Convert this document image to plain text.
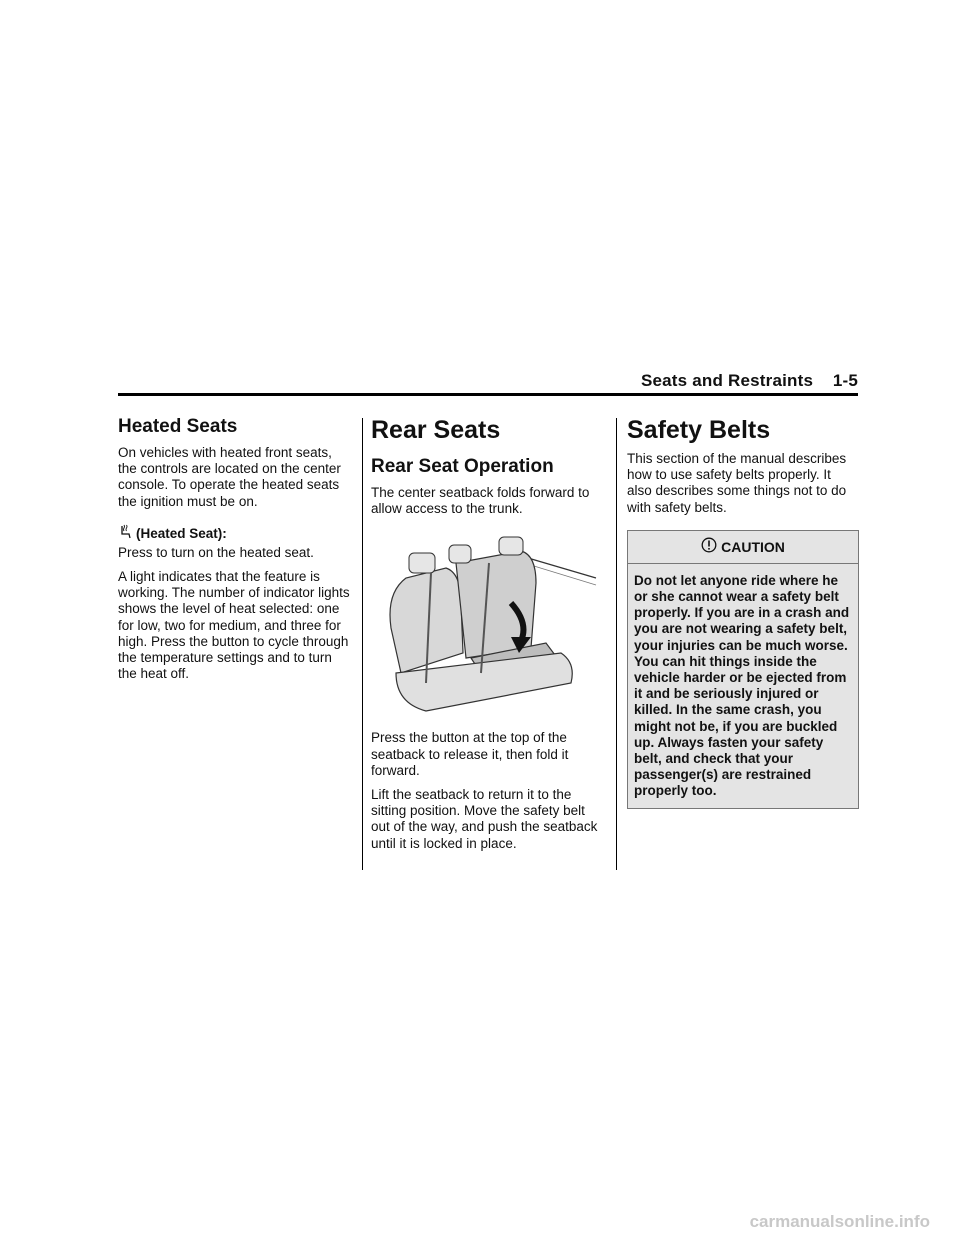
Seats and Restraints    1-5
Heated Seats

On vehicles with heated front seats, the controls are located on the center console. To operate the heated seats the ignition must be on.

(Heated Seat):

Press to turn on the heated seat.

A light indicates that the feature is working. The number of indicator lights shows the level of heat selected: one for low, two for medium, and three for high. Press the button to cycle through the temperature settings and to turn the heat off.

Rear Seats
Rear Seat Operation

The center seatback folds forward to allow access to the trunk.

Press the button at the top of the seatback to release it, then fold it forward.

Lift the seatback to return it to the sitting position. Move the safety belt out of the way, and push the seatback until it is locked in place.

Safety Belts

This section of the manual describes how to use safety belts properly. It also describes some things not to do with safety belts.

CAUTION
Do not let anyone ride where he or she cannot wear a safety belt properly. If you are in a crash and you are not wearing a safety belt, your injuries can be much worse. You can hit things inside the vehicle harder or be ejected from it and be seriously injured or killed. In the same crash, you might not be, if you are buckled up. Always fasten your safety belt, and check that your passenger(s) are restrained properly too.
carmanualsonline.info
